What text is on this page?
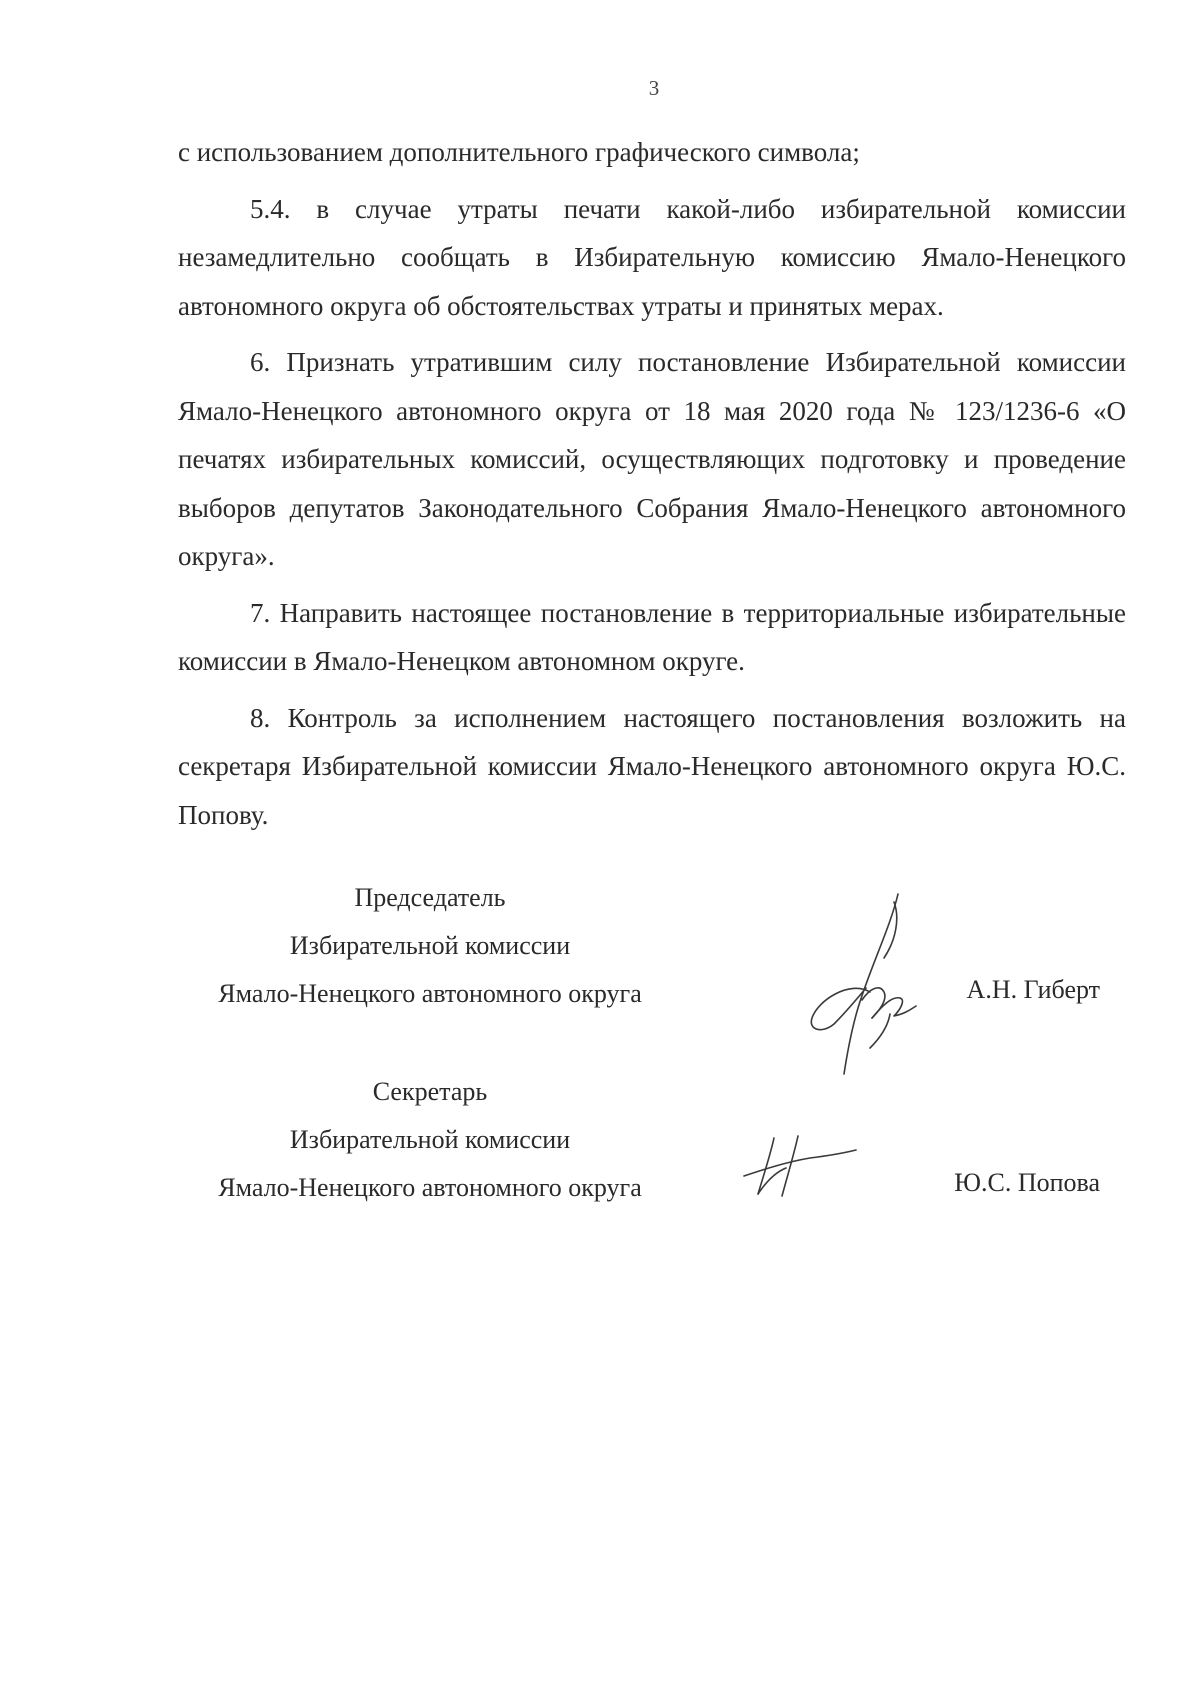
3

с использованием дополнительного графического символа;

5.4. в случае утраты печати какой-либо избирательной комиссии незамедлительно сообщать в Избирательную комиссию Ямало-Ненецкого автономного округа об обстоятельствах утраты и принятых мерах.

6. Признать утратившим силу постановление Избирательной комиссии Ямало-Ненецкого автономного округа от 18 мая 2020 года № 123/1236-6 «О печатях избирательных комиссий, осуществляющих подготовку и проведение выборов депутатов Законодательного Собрания Ямало-Ненецкого автономного округа».

7. Направить настоящее постановление в территориальные избирательные комиссии в Ямало-Ненецком автономном округе.

8. Контроль за исполнением настоящего постановления возложить на секретаря Избирательной комиссии Ямало-Ненецкого автономного округа Ю.С. Попову.

Председатель
Избирательной комиссии
Ямало-Ненецкого автономного округа	А.Н. Гиберт
Секретарь
Избирательной комиссии
Ямало-Ненецкого автономного округа	Ю.С. Попова
